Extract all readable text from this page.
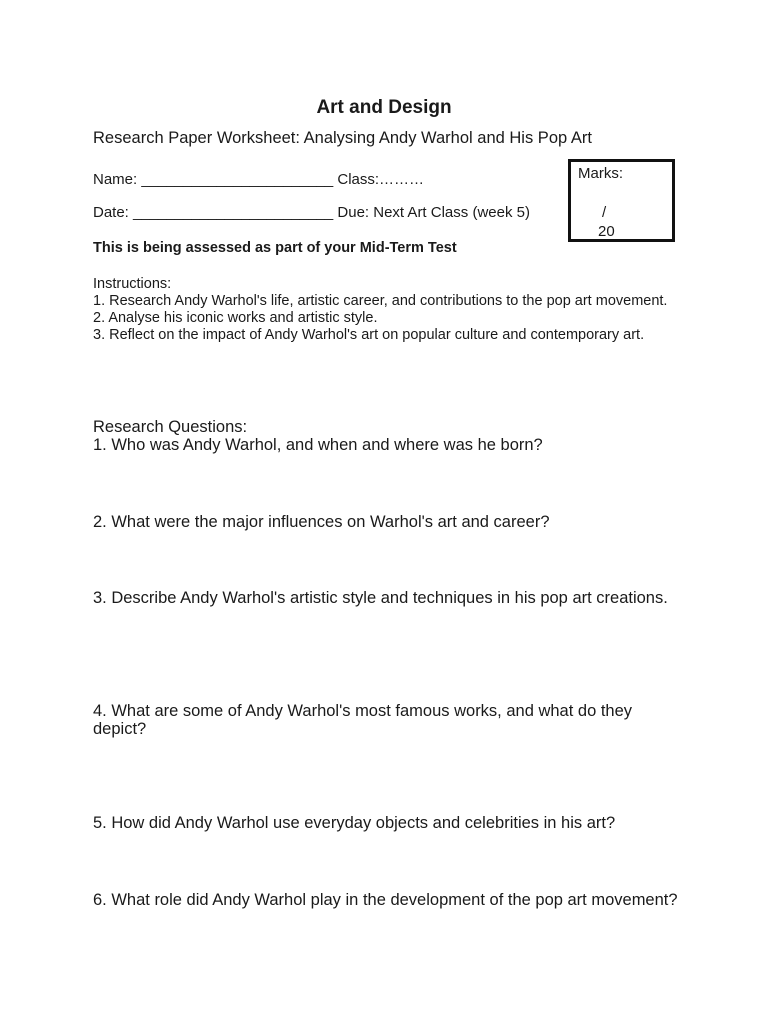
Art and Design
Research Paper Worksheet: Analysing Andy Warhol and His Pop Art
Name: _______________________ Class:………
Date: ________________________ Due: Next Art Class (week 5)
Marks:
/
20
This is being assessed as part of your Mid-Term Test
Instructions:
1. Research Andy Warhol's life, artistic career, and contributions to the pop art movement.
2. Analyse his iconic works and artistic style.
3. Reflect on the impact of Andy Warhol's art on popular culture and contemporary art.
Research Questions:
1. Who was Andy Warhol, and when and where was he born?
2. What were the major influences on Warhol's art and career?
3. Describe Andy Warhol's artistic style and techniques in his pop art creations.
4. What are some of Andy Warhol's most famous works, and what do they depict?
5. How did Andy Warhol use everyday objects and celebrities in his art?
6. What role did Andy Warhol play in the development of the pop art movement?
